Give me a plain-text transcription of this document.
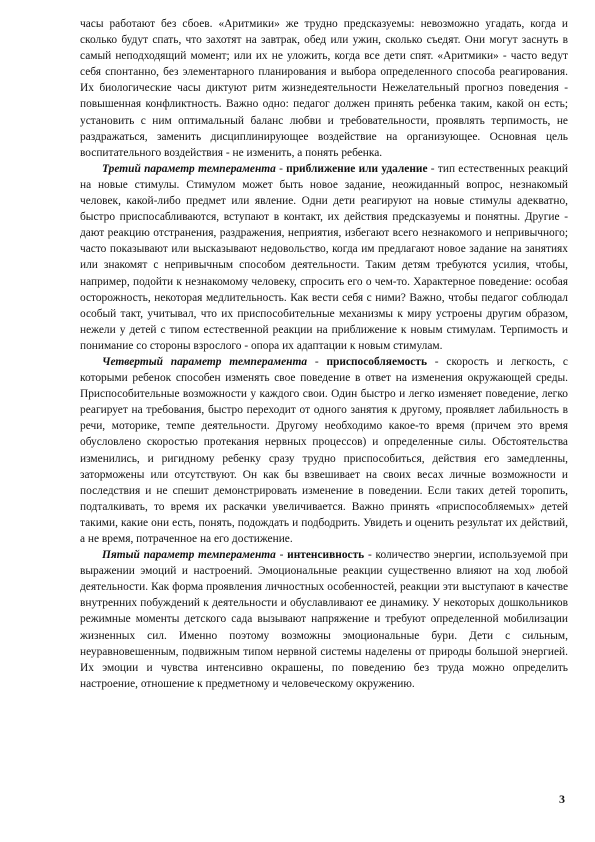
часы работают без сбоев. «Аритмики» же трудно предсказуемы: невозможно угадать, когда и сколько будут спать, что захотят на завтрак, обед или ужин, сколько съедят. Они могут заснуть в самый неподходящий момент; или их не уложить, когда все дети спят. «Аритмики» - часто ведут себя спонтанно, без элементарного планирования и выбора определенного способа реагирования. Их биологические часы диктуют ритм жизнедеятельности Нежелательный прогноз поведения - повышенная конфликтность. Важно одно: педагог должен принять ребенка таким, какой он есть; установить с ним оптимальный баланс любви и требовательности, проявлять терпимость, не раздражаться, заменить дисциплинирующее воздействие на организующее. Основная цель воспитательного воздействия - не изменить, а понять ребенка.

Третий параметр темперамента - приближение или удаление - тип естественных реакций на новые стимулы. Стимулом может быть новое задание, неожиданный вопрос, незнакомый человек, какой-либо предмет или явление. Одни дети реагируют на новые стимулы адекватно, быстро приспосабливаются, вступают в контакт, их действия предсказуемы и понятны. Другие - дают реакцию отстранения, раздражения, неприятия, избегают всего незнакомого и непривычного; часто показывают или высказывают недовольство, когда им предлагают новое задание на занятиях или знакомят с непривычным способом деятельности. Таким детям требуются усилия, чтобы, например, подойти к незнакомому человеку, спросить его о чем-то. Характерное поведение: особая осторожность, некоторая медлительность. Как вести себя с ними? Важно, чтобы педагог соблюдал особый такт, учитывал, что их приспособительные механизмы к миру устроены другим образом, нежели у детей с типом естественной реакции на приближение к новым стимулам. Терпимость и понимание со стороны взрослого - опора их адаптации к новым стимулам.

Четвертый параметр темперамента - приспособляемость - скорость и легкость, с которыми ребенок способен изменять свое поведение в ответ на изменения окружающей среды. Приспособительные возможности у каждого свои. Один быстро и легко изменяет поведение, легко реагирует на требования, быстро переходит от одного занятия к другому, проявляет лабильность в речи, моторике, темпе деятельности. Другому необходимо какое-то время (причем это время обусловлено скоростью протекания нервных процессов) и определенные силы. Обстоятельства изменились, и ригидному ребенку сразу трудно приспособиться, действия его замедленны, заторможены или отсутствуют. Он как бы взвешивает на своих весах личные возможности и последствия и не спешит демонстрировать изменение в поведении. Если таких детей торопить, подталкивать, то время их раскачки увеличивается. Важно принять «приспособляемых» детей такими, какие они есть, понять, подождать и подбодрить. Увидеть и оценить результат их действий, а не время, потраченное на его достижение.

Пятый параметр темперамента - интенсивность - количество энергии, используемой при выражении эмоций и настроений. Эмоциональные реакции существенно влияют на ход любой деятельности. Как форма проявления личностных особенностей, реакции эти выступают в качестве внутренних побуждений к деятельности и обуславливают ее динамику. У некоторых дошкольников режимные моменты детского сада вызывают напряжение и требуют определенной мобилизации жизненных сил. Именно поэтому возможны эмоциональные бури. Дети с сильным, неуравновешенным, подвижным типом нервной системы наделены от природы большой энергией. Их эмоции и чувства интенсивно окрашены, по поведению без труда можно определить настроение, отношение к предметному и человеческому окружению.

3
